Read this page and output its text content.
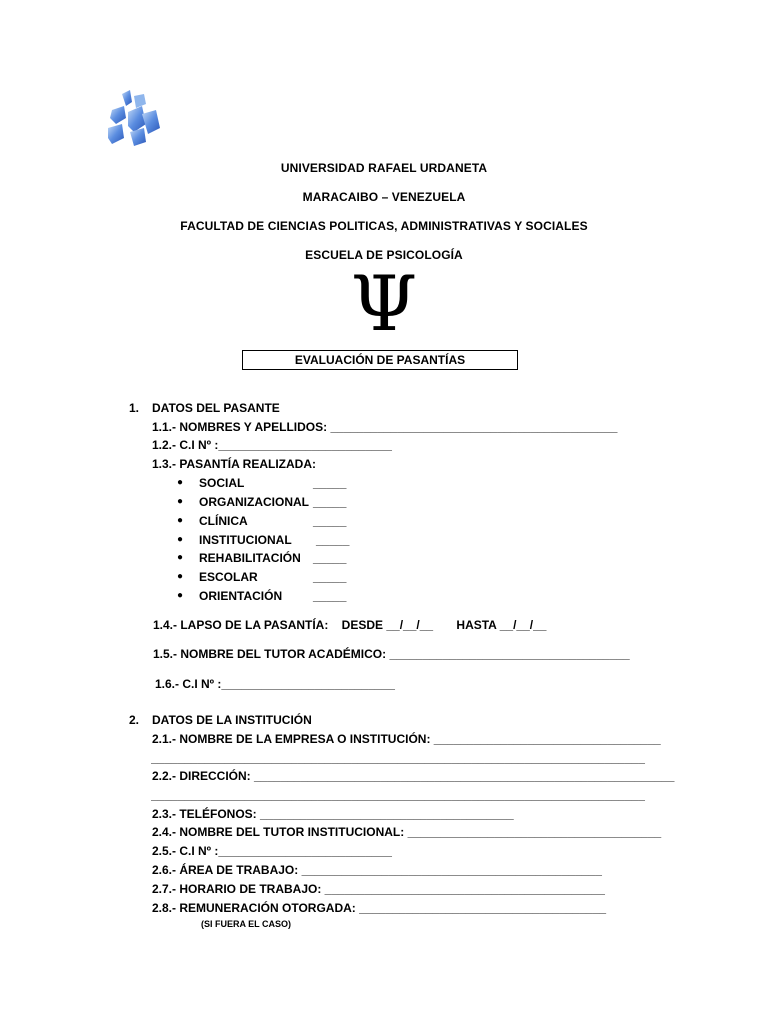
UNIVERSIDAD RAFAEL URDANETA
MARACAIBO – VENEZUELA
FACULTAD DE CIENCIAS POLITICAS, ADMINISTRATIVAS Y SOCIALES
ESCUELA DE PSICOLOGÍA
Ψ
EVALUACIÓN DE PASANTÍAS
1. DATOS DEL PASANTE
1.1.- NOMBRES Y APELLIDOS: ___________________________________________
1.2.- C.I Nº :__________________________
1.3.- PASANTÍA REALIZADA:
● SOCIAL	_____
● ORGANIZACIONAL _____
● CLÍNICA	_____
● INSTITUCIONAL _____
● REHABILITACIÓN _____
● ESCOLAR	_____
● ORIENTACIÓN	_____
1.4.- LAPSO DE LA PASANTÍA:    DESDE __/__/__       HASTA __/__/__
1.5.- NOMBRE DEL TUTOR ACADÉMICO: ____________________________________
1.6.- C.I Nº :__________________________
2. DATOS DE LA INSTITUCIÓN
2.1.- NOMBRE DE LA EMPRESA O INSTITUCIÓN: __________________________________
__________________________________________________________________________
2.2.- DIRECCIÓN: _______________________________________________________________
__________________________________________________________________________
2.3.- TELÉFONOS: ______________________________________
2.4.- NOMBRE DEL TUTOR INSTITUCIONAL: ______________________________________
2.5.- C.I Nº :__________________________
2.6.- ÁREA DE TRABAJO: _____________________________________________
2.7.- HORARIO DE TRABAJO: __________________________________________
2.8.- REMUNERACIÓN OTORGADA: _____________________________________
(SI FUERA EL CASO)
